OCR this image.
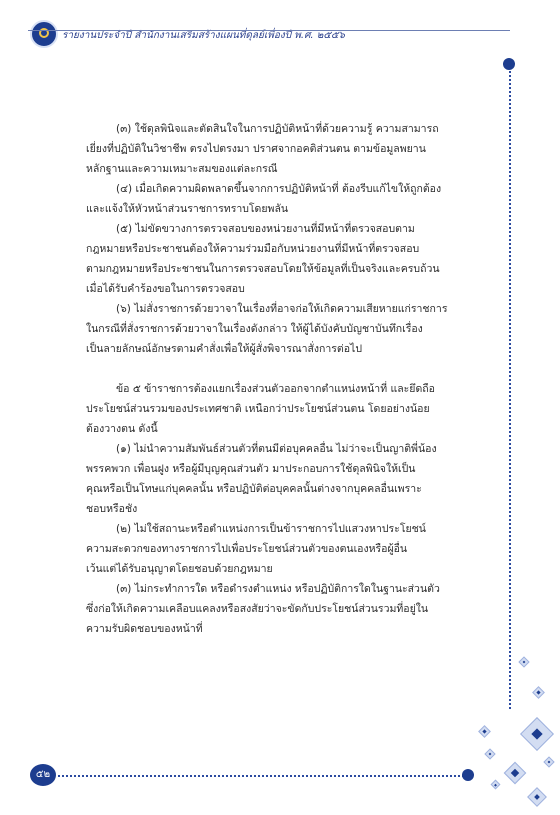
รายงานประจำปี สำนักงานเสริมสร้างแผนที่ดุลย์เพื่องปี พ.ศ. ๒๕๕๖
๕๒
(๓) ใช้ดุลพินิจและตัดสินใจในการปฏิบัติหน้าที่ด้วยความรู้ ความสามารถ
เยี่ยงที่ปฏิบัติในวิชาชีพ ตรงไปตรงมา ปราศจากอคติส่วนตน ตามข้อมูลพยาน
หลักฐานและความเหมาะสมของแต่ละกรณี
(๔) เมื่อเกิดความผิดพลาดขึ้นจากการปฏิบัติหน้าที่ ต้องรีบแก้ไขให้ถูกต้อง
และแจ้งให้หัวหน้าส่วนราชการทราบโดยพลัน
(๕) ไม่ขัดขวางการตรวจสอบของหน่วยงานที่มีหน้าที่ตรวจสอบตาม
กฎหมายหรือประชาชนต้องให้ความร่วมมือกับหน่วยงานที่มีหน้าที่ตรวจสอบ
ตามกฎหมายหรือประชาชนในการตรวจสอบโดยให้ข้อมูลที่เป็นจริงและครบถ้วน
เมื่อได้รับคำร้องขอในการตรวจสอบ
(๖) ไม่สั่งราชการด้วยวาจาในเรื่องที่อาจก่อให้เกิดความเสียหายแก่ราชการ
ในกรณีที่สั่งราชการด้วยวาจาในเรื่องดังกล่าว ให้ผู้ได้บังคับบัญชาบันทึกเรื่อง
เป็นลายลักษณ์อักษรตามคำสั่งเพื่อให้ผู้สั่งพิจารณาสั่งการต่อไป
ข้อ ๕ ข้าราชการต้องแยกเรื่องส่วนตัวออกจากตำแหน่งหน้าที่ และยึดถือ
ประโยชน์ส่วนรวมของประเทศชาติ เหนือกว่าประโยชน์ส่วนตน โดยอย่างน้อย
ต้องวางตน ดังนี้
(๑) ไม่นำความสัมพันธ์ส่วนตัวที่ตนมีต่อบุคคลอื่น ไม่ว่าจะเป็นญาติพี่น้อง
พรรคพวก เพื่อนฝูง หรือผู้มีบุญคุณส่วนตัว มาประกอบการใช้ดุลพินิจให้เป็น
คุณหรือเป็นโทษแก่บุคคลนั้น หรือปฏิบัติต่อบุคคลนั้นต่างจากบุคคลอื่นเพราะ
ชอบหรือชัง
(๒) ไม่ใช้สถานะหรือตำแหน่งการเป็นข้าราชการไปแสวงหาประโยชน์
ความสะดวกของทางราชการไปเพื่อประโยชน์ส่วนตัวของตนเองหรือผู้อื่น
เว้นแต่ได้รับอนุญาตโดยชอบด้วยกฎหมาย
(๓) ไม่กระทำการใด หรือดำรงตำแหน่ง หรือปฏิบัติการใดในฐานะส่วนตัว
ซึ่งก่อให้เกิดความเคลือบแคลงหรือสงสัยว่าจะขัดกับประโยชน์ส่วนรวมที่อยู่ใน
ความรับผิดชอบของหน้าที่
